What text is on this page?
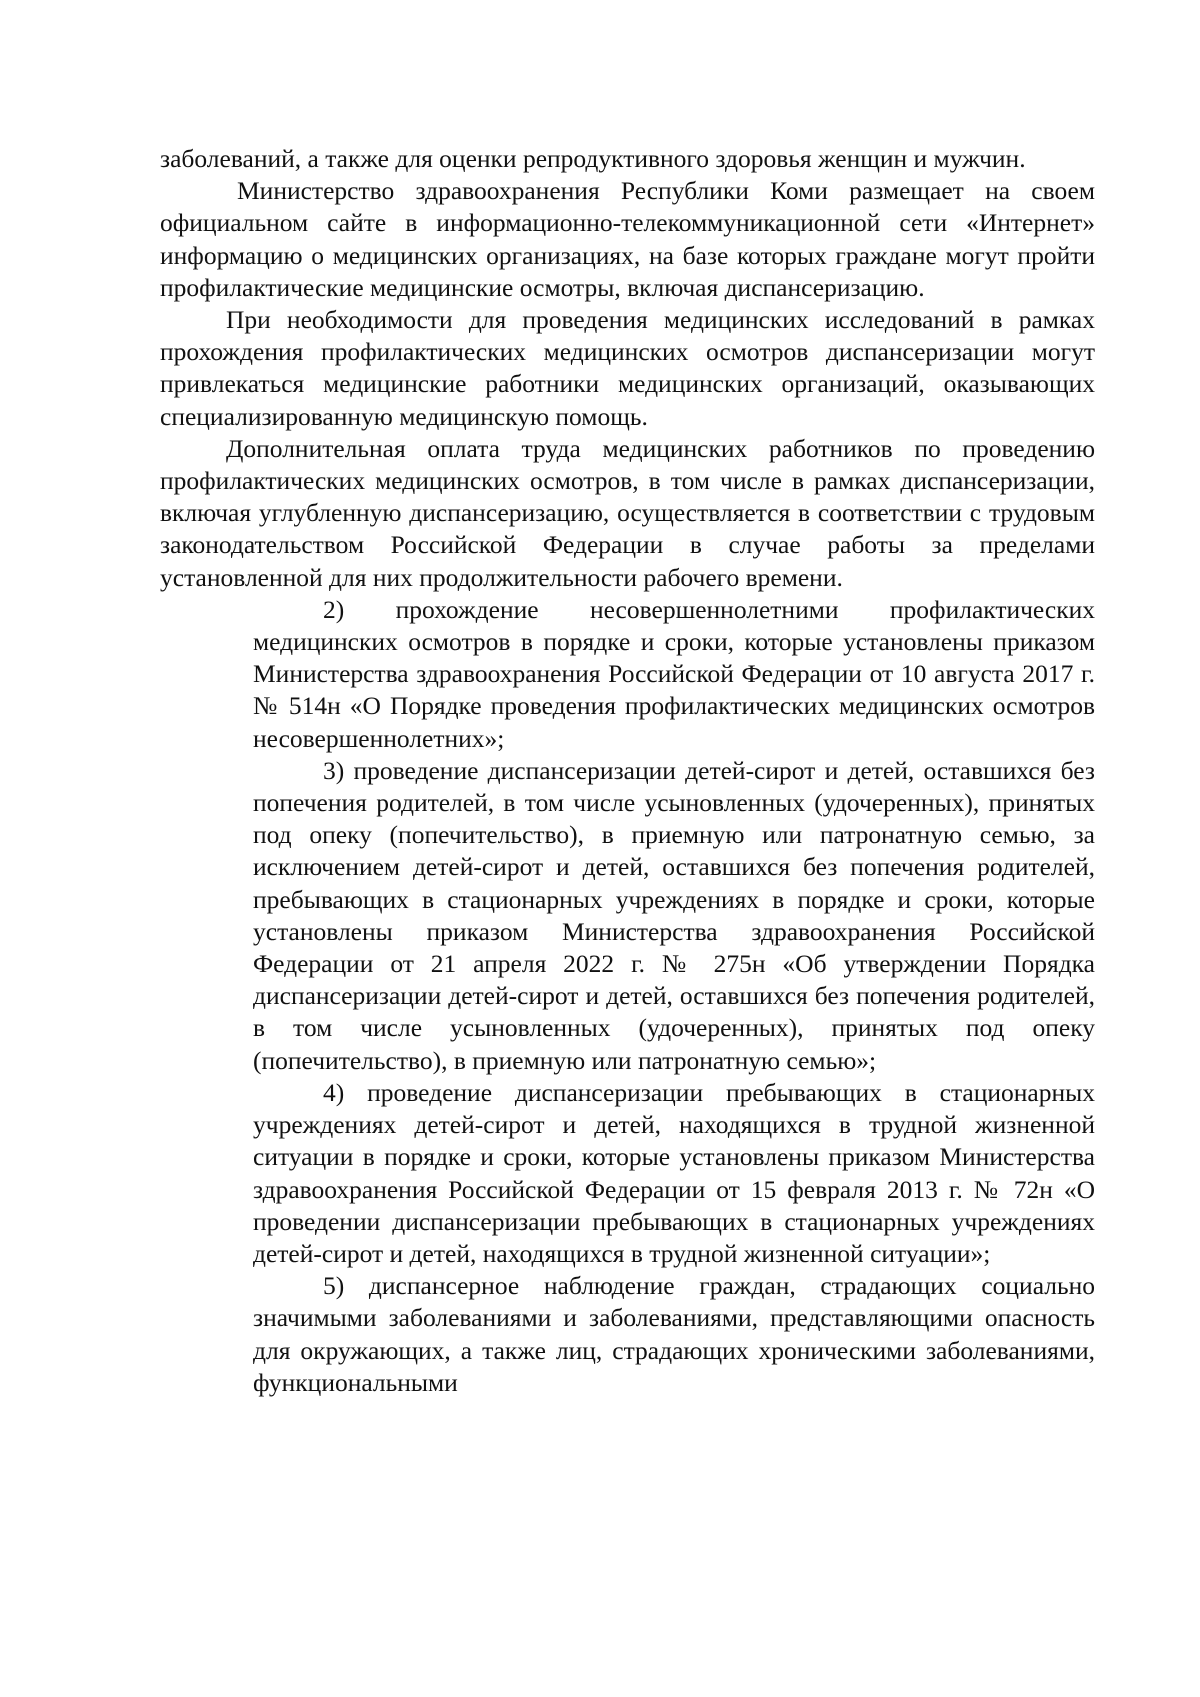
заболеваний, а также для оценки репродуктивного здоровья женщин и мужчин.

Министерство здравоохранения Республики Коми размещает на своем официальном сайте в информационно-телекоммуникационной сети «Интернет» информацию о медицинских организациях, на базе которых граждане могут пройти профилактические медицинские осмотры, включая диспансеризацию.

При необходимости для проведения медицинских исследований в рамках прохождения профилактических медицинских осмотров диспансеризации могут привлекаться медицинские работники медицинских организаций, оказывающих специализированную медицинскую помощь.

Дополнительная оплата труда медицинских работников по проведению профилактических медицинских осмотров, в том числе в рамках диспансеризации, включая углубленную диспансеризацию, осуществляется в соответствии с трудовым законодательством Российской Федерации в случае работы за пределами установленной для них продолжительности рабочего времени.

2) прохождение несовершеннолетними профилактических медицинских осмотров в порядке и сроки, которые установлены приказом Министерства здравоохранения Российской Федерации от 10 августа 2017 г. № 514н «О Порядке проведения профилактических медицинских осмотров несовершеннолетних»;

3) проведение диспансеризации детей-сирот и детей, оставшихся без попечения родителей, в том числе усыновленных (удочеренных), принятых под опеку (попечительство), в приемную или патронатную семью, за исключением детей-сирот и детей, оставшихся без попечения родителей, пребывающих в стационарных учреждениях в порядке и сроки, которые установлены приказом Министерства здравоохранения Российской Федерации от 21 апреля 2022 г. № 275н «Об утверждении Порядка диспансеризации детей-сирот и детей, оставшихся без попечения родителей, в том числе усыновленных (удочеренных), принятых под опеку (попечительство), в приемную или патронатную семью»;

4) проведение диспансеризации пребывающих в стационарных учреждениях детей-сирот и детей, находящихся в трудной жизненной ситуации в порядке и сроки, которые установлены приказом Министерства здравоохранения Российской Федерации от 15 февраля 2013 г. № 72н «О проведении диспансеризации пребывающих в стационарных учреждениях детей-сирот и детей, находящихся в трудной жизненной ситуации»;

5) диспансерное наблюдение граждан, страдающих социально значимыми заболеваниями и заболеваниями, представляющими опасность для окружающих, а также лиц, страдающих хроническими заболеваниями, функциональными
